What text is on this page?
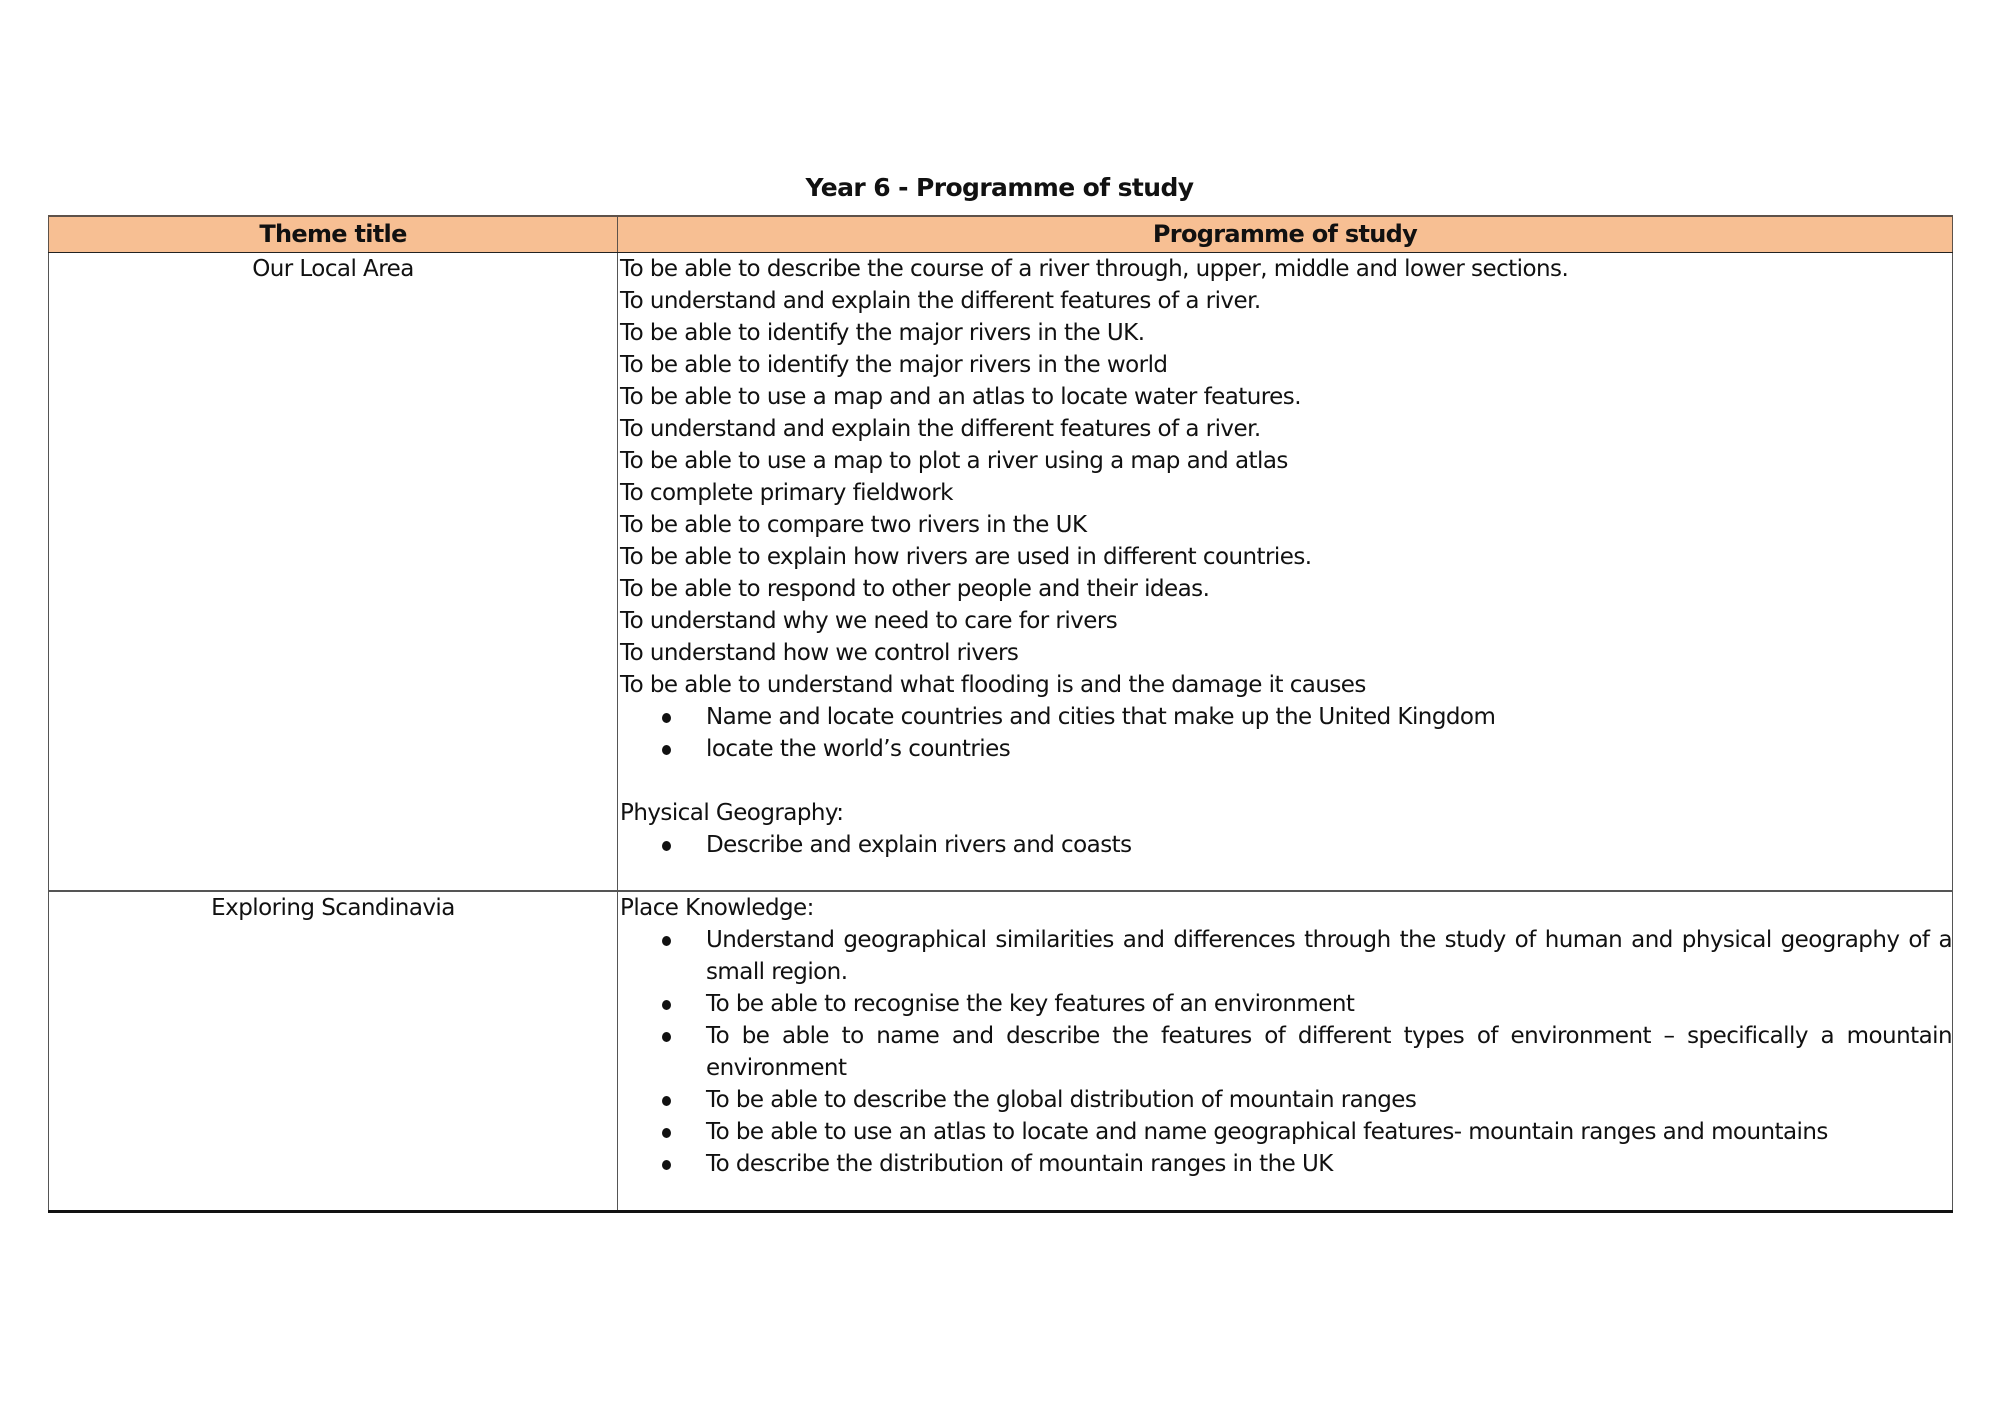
Year 6 - Programme of study
Theme title	Programme of study

Our Local Area	To be able to describe the course of a river through, upper, middle and lower sections.
To understand and explain the different features of a river.
To be able to identify the major rivers in the UK.
To be able to identify the major rivers in the world
To be able to use a map and an atlas to locate water features.
To understand and explain the different features of a river.
To be able to use a map to plot a river using a map and atlas
To complete primary fieldwork
To be able to compare two rivers in the UK
To be able to explain how rivers are used in different countries.
To be able to respond to other people and their ideas.
To understand why we need to care for rivers
To understand how we control rivers
To be able to understand what flooding is and the damage it causes
Name and locate countries and cities that make up the United Kingdom
locate the world’s countries
Physical Geography:
Describe and explain rivers and coasts

Exploring Scandinavia	Place Knowledge:
Understand geographical similarities and differences through the study of human and physical geography of a small region.
To be able to recognise the key features of an environment
To be able to name and describe the features of different types of environment – specifically a mountain environment
To be able to describe the global distribution of mountain ranges
To be able to use an atlas to locate and name geographical features- mountain ranges and mountains
To describe the distribution of mountain ranges in the UK
